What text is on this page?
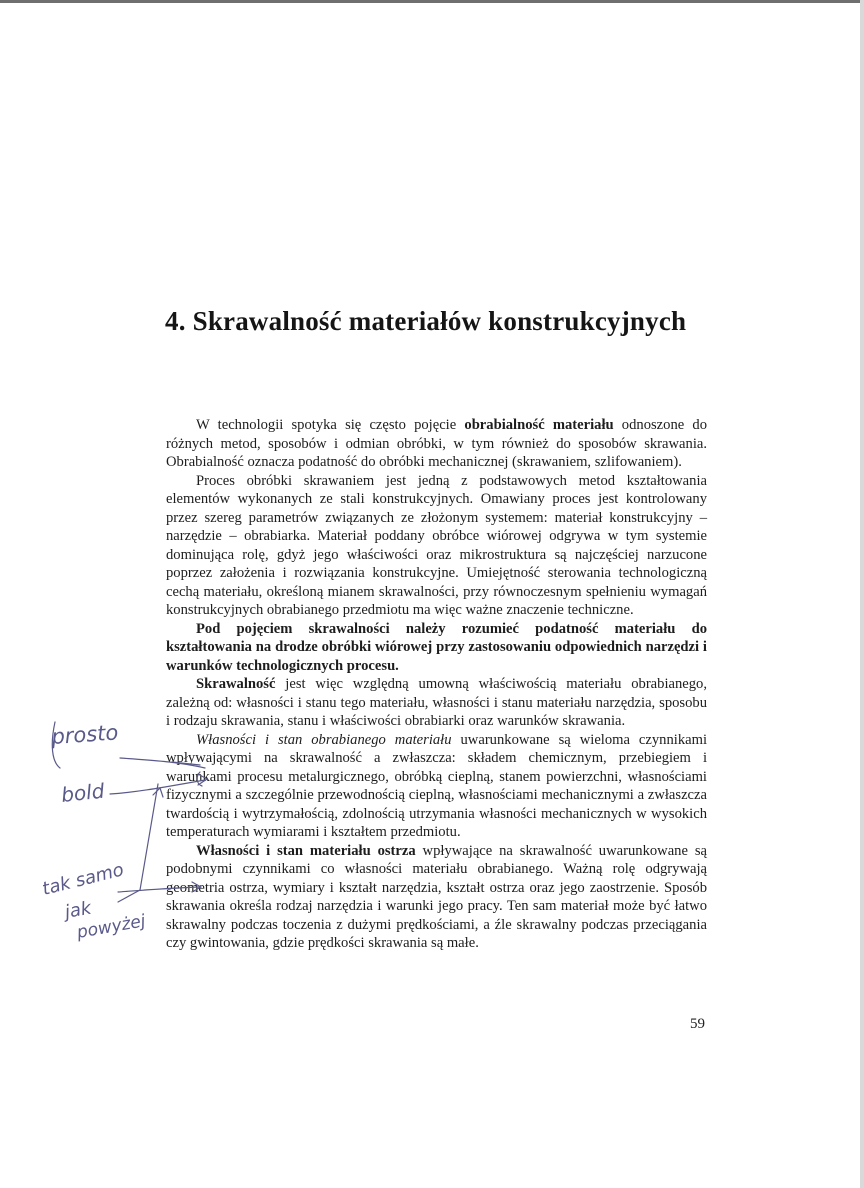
4. Skrawalność materiałów konstrukcyjnych

W technologii spotyka się często pojęcie obrabialność materiału odnoszone do różnych metod, sposobów i odmian obróbki, w tym również do sposobów skrawania. Obrabialność oznacza podatność do obróbki mechanicznej (skrawaniem, szlifowaniem).

Proces obróbki skrawaniem jest jedną z podstawowych metod kształtowania elementów wykonanych ze stali konstrukcyjnych. Omawiany proces jest kontrolowany przez szereg parametrów związanych ze złożonym systemem: materiał konstrukcyjny – narzędzie – obrabiarka. Materiał poddany obróbce wiórowej odgrywa w tym systemie dominująca rolę, gdyż jego właściwości oraz mikrostruktura są najczęściej narzucone poprzez założenia i rozwiązania konstrukcyjne. Umiejętność sterowania technologiczną cechą materiału, określoną mianem skrawalności, przy równoczesnym spełnieniu wymagań konstrukcyjnych obrabianego przedmiotu ma więc ważne znaczenie techniczne.

Pod pojęciem skrawalności należy rozumieć podatność materiału do kształtowania na drodze obróbki wiórowej przy zastosowaniu odpowiednich narzędzi i warunków technologicznych procesu.

Skrawalność jest więc względną umowną właściwością materiału obrabianego, zależną od: własności i stanu tego materiału, własności i stanu materiału narzędzia, sposobu i rodzaju skrawania, stanu i właściwości obrabiarki oraz warunków skrawania.

Własności i stan obrabianego materiału uwarunkowane są wieloma czynnikami wpływającymi na skrawalność a zwłaszcza: składem chemicznym, przebiegiem i warunkami procesu metalurgicznego, obróbką cieplną, stanem powierzchni, własnościami fizycznymi a szczególnie przewodnością cieplną, własnościami mechanicznymi a zwłaszcza twardością i wytrzymałością, zdolnością utrzymania własności mechanicznych w wysokich temperaturach wymiarami i kształtem przedmiotu.

Własności i stan materiału ostrza wpływające na skrawalność uwarunkowane są podobnymi czynnikami co własności materiału obrabianego. Ważną rolę odgrywają geometria ostrza, wymiary i kształt narzędzia, kształt ostrza oraz jego zaostrzenie. Sposób skrawania określa rodzaj narzędzia i warunki jego pracy. Ten sam materiał może być łatwo skrawalny podczas toczenia z dużymi prędkościami, a źle skrawalny podczas przeciągania czy gwintowania, gdzie prędkości skrawania są małe.

59
prosto
bold
tak samo
jak
powyżej
